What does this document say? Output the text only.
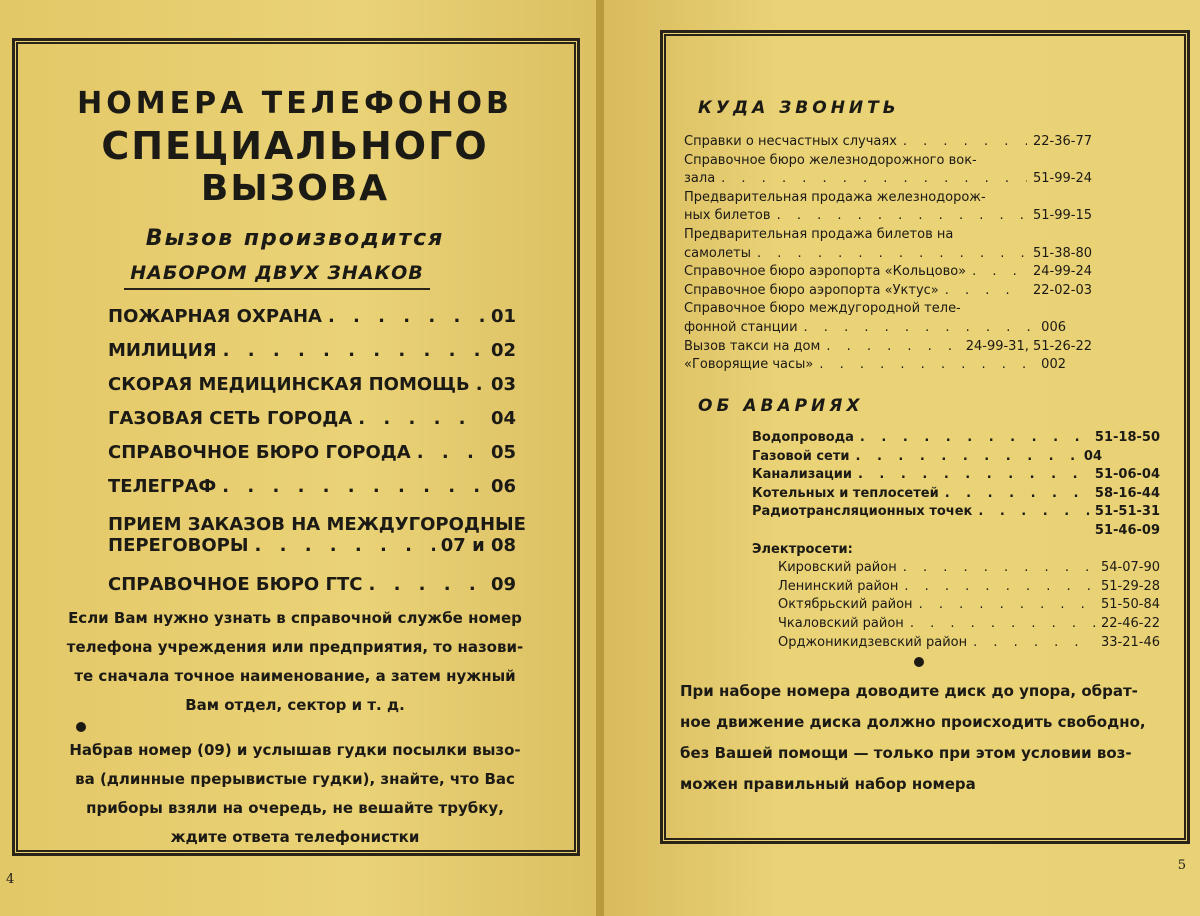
НОМЕРА ТЕЛЕФОНОВ
СПЕЦИАЛЬНОГО
ВЫЗОВА
Вызов производится
НАБОРОМ ДВУХ ЗНАКОВ
ПОЖАРНАЯ ОХРАНА . . .	01
МИЛИЦИЯ . . .	02
СКОРАЯ МЕДИЦИНСКАЯ ПОМОЩЬ . . . 03
ГАЗОВАЯ СЕТЬ ГОРОДА . . .	04
СПРАВОЧНОЕ БЮРО ГОРОДА . . .	05
ТЕЛЕГРАФ . . .	06
ПРИЕМ ЗАКАЗОВ НА МЕЖДУГОРОДНЫЕ
ПЕРЕГОВОРЫ . . .	07 и 08
СПРАВОЧНОЕ БЮРО ГТС . . .	09
Если Вам нужно узнать в справочной службе номер
телефона учреждения или предприятия, то назови-
те сначала точное наименование, а затем нужный
Вам отдел, сектор и т. д.
Набрав номер (09) и услышав гудки посылки вызо-
ва (длинные прерывистые гудки), знайте, что Вас
приборы взяли на очередь, не вешайте трубку,
ждите ответа телефонистки
4
5
КУДА ЗВОНИТЬ
Справки о несчастных случаях . . .	22-36-77
Справочное бюро железнодорожного вок-
зала . . .	51-99-24
Предварительная продажа железнодорож-
ных билетов . . .	51-99-15
Предварительная продажа билетов на
самолеты . . .	51-38-80
Справочное бюро аэропорта «Кольцово» . . .	24-99-24
Справочное бюро аэропорта «Уктус» . . .	22-02-03
Справочное бюро междугородной теле-
фонной станции . . .	006
Вызов такси на дом . . .	24-99-31, 51-26-22
«Говорящие часы» . . .	002
ОБ АВАРИЯХ
Водопровода . . .	51-18-50
Газовой сети . . .	04
Канализации . . .	51-06-04
Котельных и теплосетей . . .	58-16-44
Радиотрансляционных точек . . .	51-51-31
51-46-09
Электросети:
Кировский район . . .	54-07-90
Ленинский район . . .	51-29-28
Октябрьский район . . .	51-50-84
Чкаловский район . . .	22-46-22
Орджоникидзевский район . . .	33-21-46
При наборе номера доводите диск до упора, обрат-
ное движение диска должно происходить свободно,
без Вашей помощи — только при этом условии воз-
можен правильный набор номера
